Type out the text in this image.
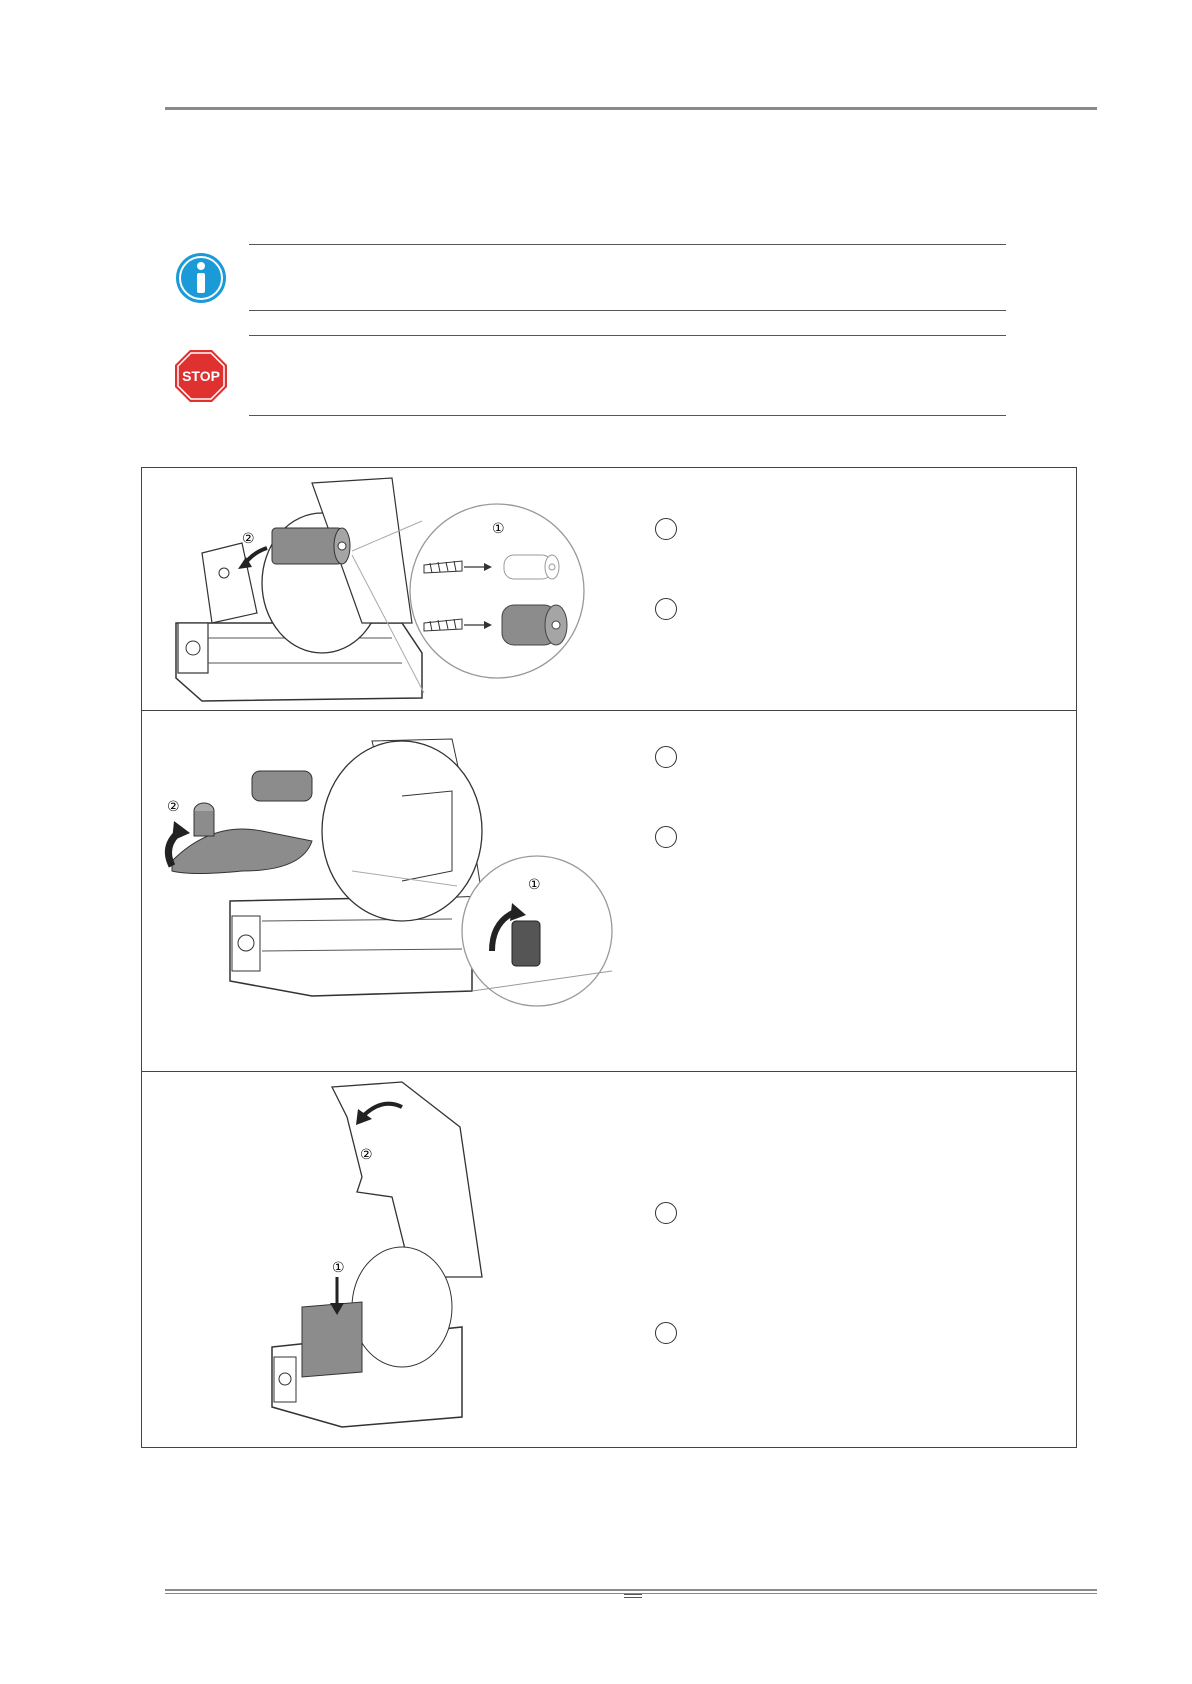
STOP
②
①
②
①
②
①
